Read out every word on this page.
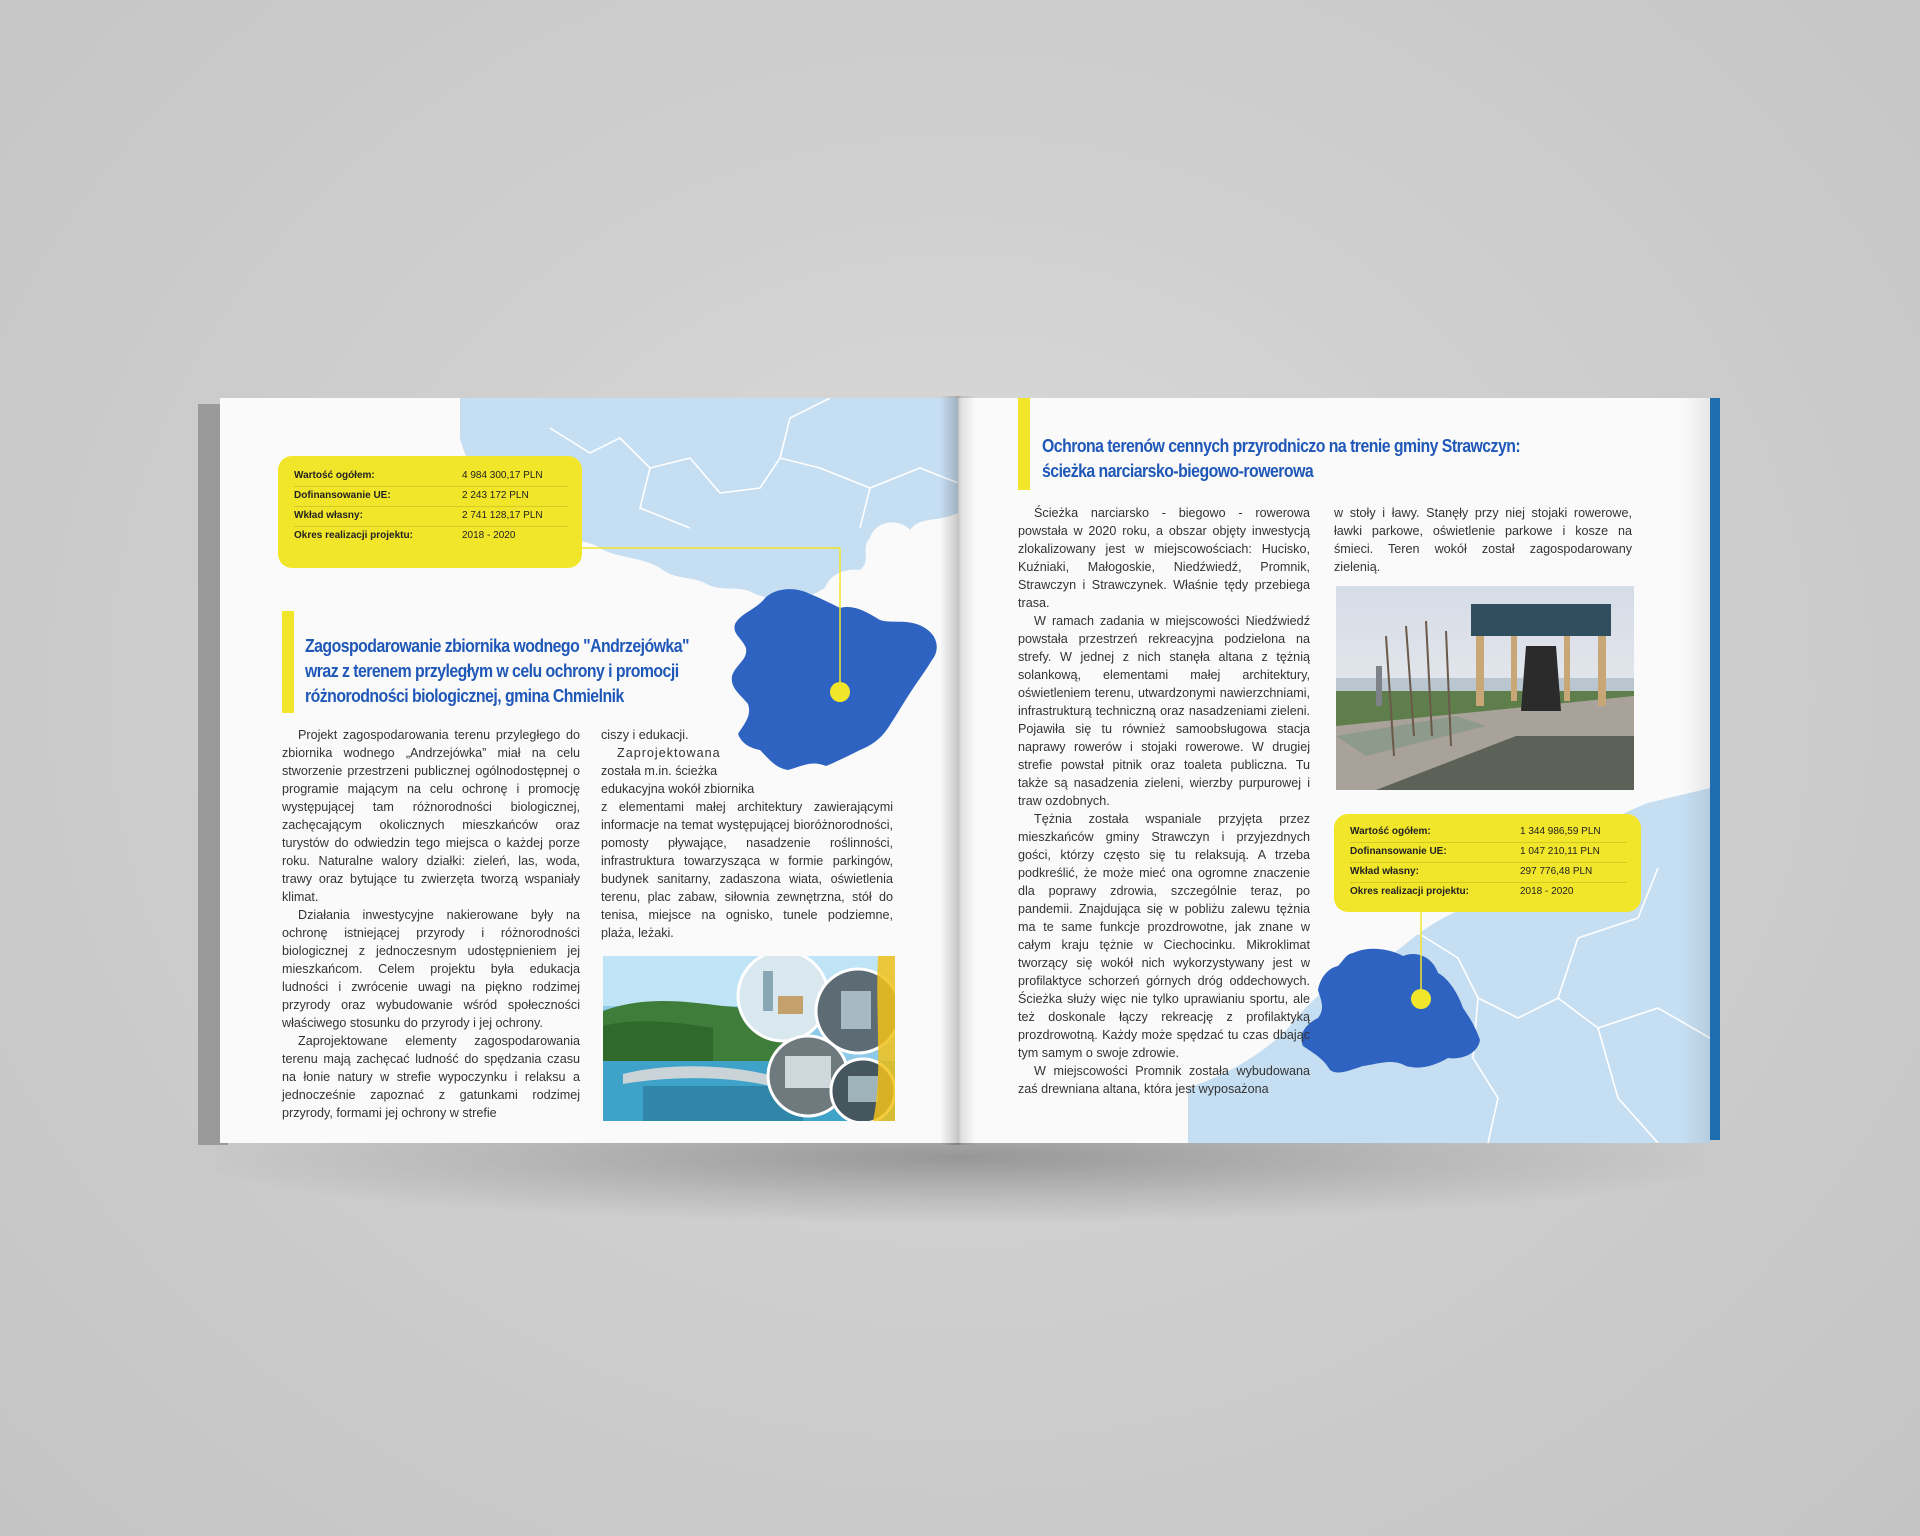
Wartość ogółem:	4 984 300,17 PLN
Dofinansowanie UE:	2 243 172 PLN
Wkład własny:	2 741 128,17 PLN
Okres realizacji projektu:	2018 - 2020
Zagospodarowanie zbiornika wodnego "Andrzejówka"
wraz z terenem przyległym w celu ochrony i promocji
różnorodności biologicznej, gmina Chmielnik

Projekt zagospodarowania terenu przyległego do zbiornika wodnego „Andrzejówka” miał na celu stworzenie przestrzeni publicznej ogólnodostępnej o programie mającym na celu ochronę i promocję występującej tam różnorodności biologicznej, zachęcającym okolicznych mieszkańców oraz turystów do odwiedzin tego miejsca o każdej porze roku. Naturalne walory działki: zieleń, las, woda, trawy oraz bytujące tu zwierzęta tworzą wspaniały klimat.

Działania inwestycyjne nakierowane były na ochronę istniejącej przyrody i różnorodności biologicznej z jednoczesnym udostępnieniem jej mieszkańcom. Celem projektu była edukacja ludności i zwrócenie uwagi na piękno rodzimej przyrody oraz wybudowanie wśród społeczności właściwego stosunku do przyrody i jej ochrony.

Zaprojektowane elementy zagospodarowania terenu mają zachęcać ludność do spędzania czasu na łonie natury w strefie wypoczynku i relaksu a jednocześnie zapoznać z gatunkami rodzimej przyrody, formami jej ochrony w strefie

ciszy i edukacji.
Zaprojektowana
została m.in. ścieżka
edukacyjna wokół zbiornika
z elementami małej architektury zawierającymi informacje na temat występującej bioróżnorodności, pomosty pływające, nasadzenie roślinności, infrastruktura towarzysząca w formie parkingów, budynek sanitarny, zadaszona wiata, oświetlenia terenu, plac zabaw, siłownia zewnętrzna, stół do tenisa, miejsce na ognisko, tunele podziemne, plaża, leżaki.
Ochrona terenów cennych przyrodniczo na trenie gminy Strawczyn:
ścieżka narciarsko-biegowo-rowerowa

Ścieżka narciarsko - biegowo - rowerowa powstała w 2020 roku, a obszar objęty inwestycją zlokalizowany jest w miejscowościach: Hucisko, Kuźniaki, Małogoskie, Niedźwiedź, Promnik, Strawczyn i Strawczynek. Właśnie tędy przebiega trasa.

W ramach zadania w miejscowości Niedźwiedź powstała przestrzeń rekreacyjna podzielona na strefy. W jednej z nich stanęła altana z tężnią solankową, elementami małej architektury, oświetleniem terenu, utwardzonymi nawierzchniami, infrastrukturą techniczną oraz nasadzeniami zieleni. Pojawiła się tu również samoobsługowa stacja naprawy rowerów i stojaki rowerowe. W drugiej strefie powstał pitnik oraz toaleta publiczna. Tu także są nasadzenia zieleni, wierzby purpurowej i traw ozdobnych.

Tężnia została wspaniale przyjęta przez mieszkańców gminy Strawczyn i przyjezdnych gości, którzy często się tu relaksują. A trzeba podkreślić, że może mieć ona ogromne znaczenie dla poprawy zdrowia, szczególnie teraz, po pandemii. Znajdująca się w pobliżu zalewu tężnia ma te same funkcje prozdrowotne, jak znane w całym kraju tężnie w Ciechocinku. Mikroklimat tworzący się wokół nich wykorzystywany jest w profilaktyce schorzeń górnych dróg oddechowych. Ścieżka służy więc nie tylko uprawianiu sportu, ale też doskonale łączy rekreację z profilaktyką prozdrowotną. Każdy może spędzać tu czas dbając tym samym o swoje zdrowie.

W miejscowości Promnik została wybudowana zaś drewniana altana, która jest wyposażona

w stoły i ławy. Stanęły przy niej stojaki rowerowe, ławki parkowe, oświetlenie parkowe i kosze na śmieci. Teren wokół został zagospodarowany zielenią.
Wartość ogółem:	1 344 986,59 PLN
Dofinansowanie UE:	1 047 210,11 PLN
Wkład własny:	297 776,48 PLN
Okres realizacji projektu:	2018 - 2020
